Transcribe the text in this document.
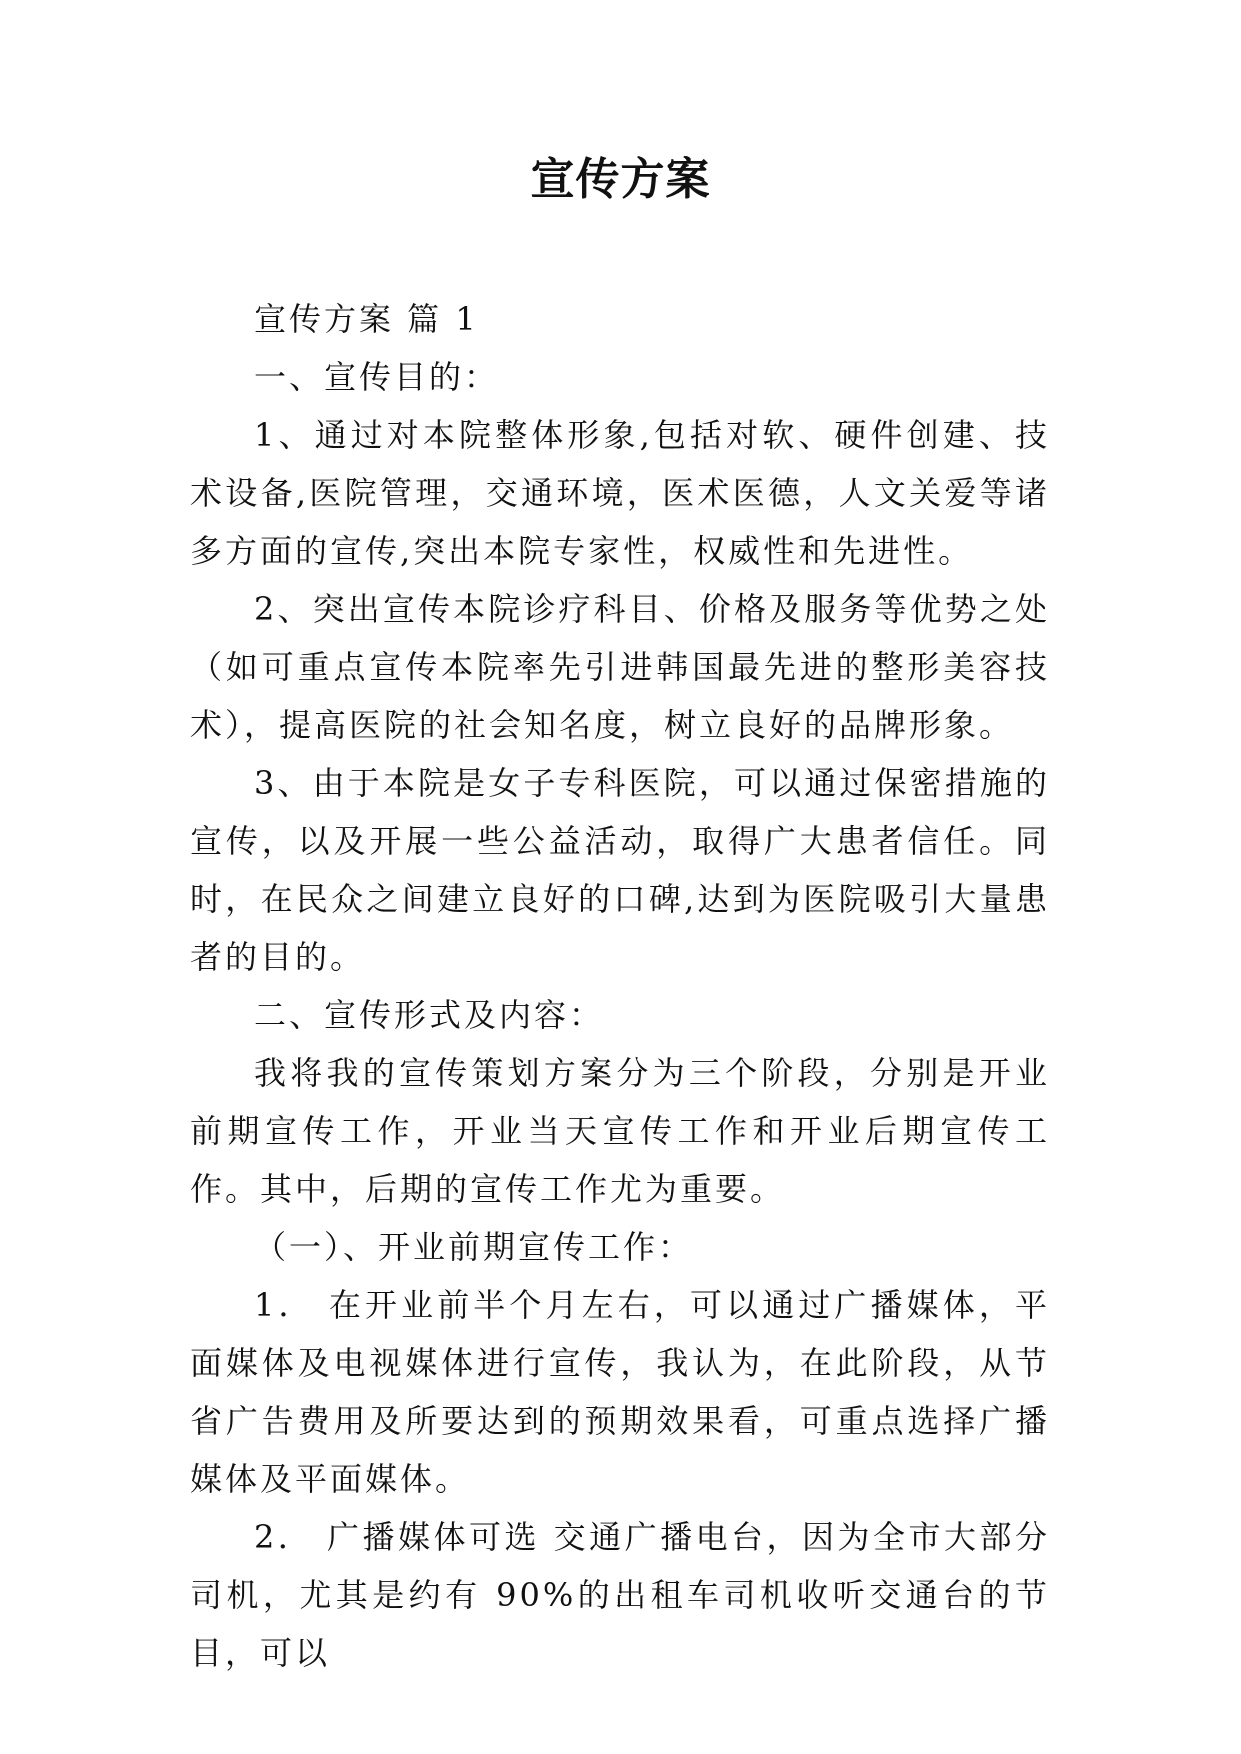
宣传方案

宣传方案 篇 1

一、宣传目的：

1、通过对本院整体形象,包括对软、硬件创建、技术设备,医院管理，交通环境，医术医德，人文关爱等诸多方面的宣传,突出本院专家性，权威性和先进性。

2、突出宣传本院诊疗科目、价格及服务等优势之处（如可重点宣传本院率先引进韩国最先进的整形美容技术），提高医院的社会知名度，树立良好的品牌形象。

3、由于本院是女子专科医院，可以通过保密措施的宣传，以及开展一些公益活动，取得广大患者信任。同时，在民众之间建立良好的口碑,达到为医院吸引大量患者的目的。

二、宣传形式及内容：

我将我的宣传策划方案分为三个阶段，分别是开业前期宣传工作，开业当天宣传工作和开业后期宣传工作。其中，后期的宣传工作尤为重要。

（一）、开业前期宣传工作：

1． 在开业前半个月左右，可以通过广播媒体，平面媒体及电视媒体进行宣传，我认为，在此阶段，从节省广告费用及所要达到的预期效果看，可重点选择广播媒体及平面媒体。

2． 广播媒体可选 交通广播电台，因为全市大部分司机，尤其是约有 90%的出租车司机收听交通台的节目，可以
